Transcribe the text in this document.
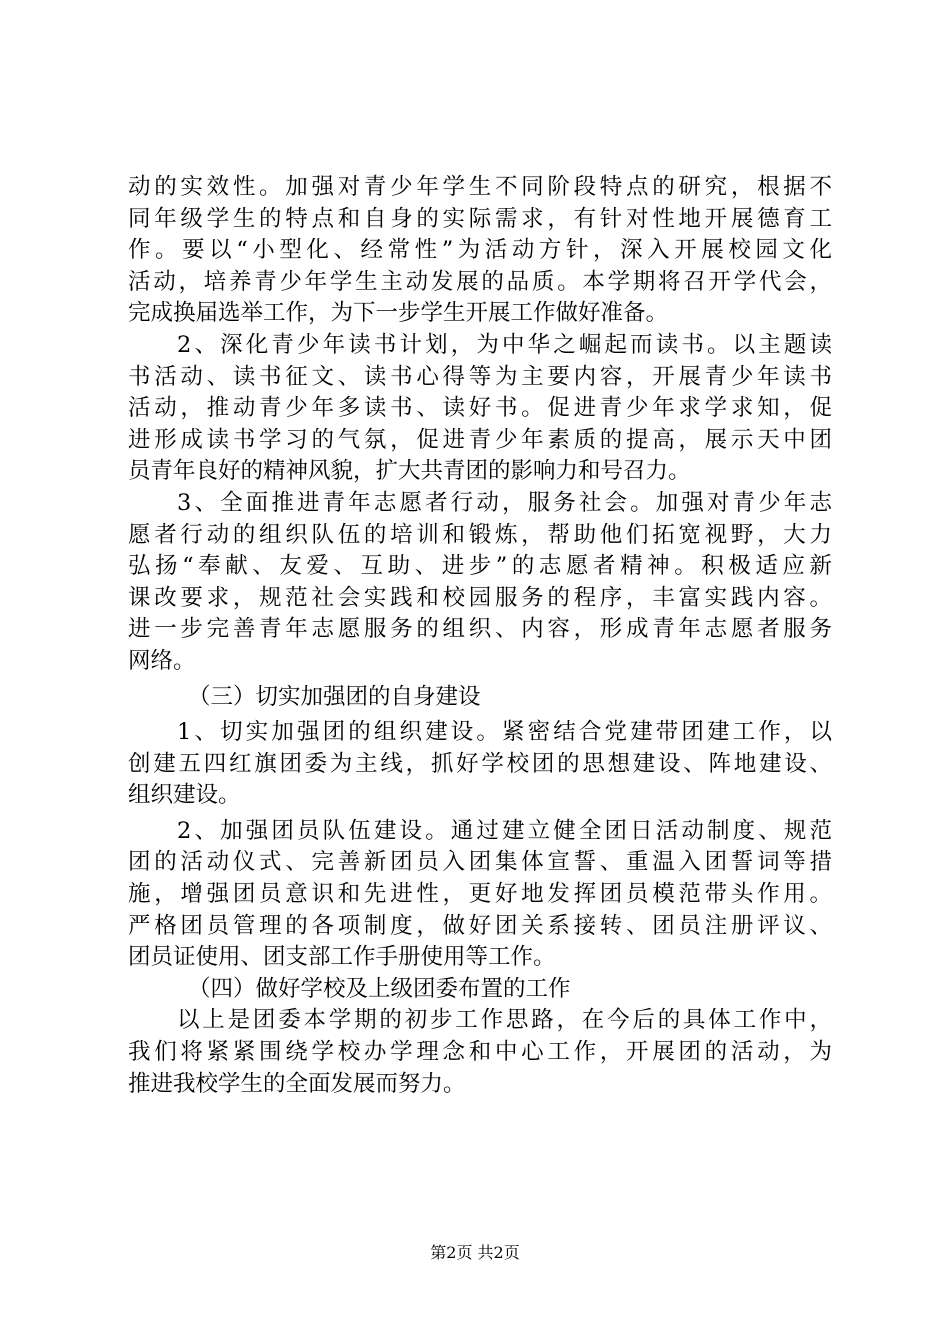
动的实效性。加强对青少年学生不同阶段特点的研究，根据不
同年级学生的特点和自身的实际需求，有针对性地开展德育工
作。要以“小型化、经常性”为活动方针，深入开展校园文化
活动，培养青少年学生主动发展的品质。本学期将召开学代会，
完成换届选举工作，为下一步学生开展工作做好准备。
2、深化青少年读书计划，为中华之崛起而读书。以主题读
书活动、读书征文、读书心得等为主要内容，开展青少年读书
活动，推动青少年多读书、读好书。促进青少年求学求知，促
进形成读书学习的气氛，促进青少年素质的提高，展示天中团
员青年良好的精神风貌，扩大共青团的影响力和号召力。
3、全面推进青年志愿者行动，服务社会。加强对青少年志
愿者行动的组织队伍的培训和锻炼，帮助他们拓宽视野，大力
弘扬“奉献、友爱、互助、进步”的志愿者精神。积极适应新
课改要求，规范社会实践和校园服务的程序，丰富实践内容。
进一步完善青年志愿服务的组织、内容，形成青年志愿者服务
网络。
（三）切实加强团的自身建设
1、切实加强团的组织建设。紧密结合党建带团建工作，以
创建五四红旗团委为主线，抓好学校团的思想建设、阵地建设、
组织建设。
2、加强团员队伍建设。通过建立健全团日活动制度、规范
团的活动仪式、完善新团员入团集体宣誓、重温入团誓词等措
施，增强团员意识和先进性，更好地发挥团员模范带头作用。
严格团员管理的各项制度，做好团关系接转、团员注册评议、
团员证使用、团支部工作手册使用等工作。
（四）做好学校及上级团委布置的工作
以上是团委本学期的初步工作思路，在今后的具体工作中，
我们将紧紧围绕学校办学理念和中心工作，开展团的活动，为
推进我校学生的全面发展而努力。
第2页 共2页
